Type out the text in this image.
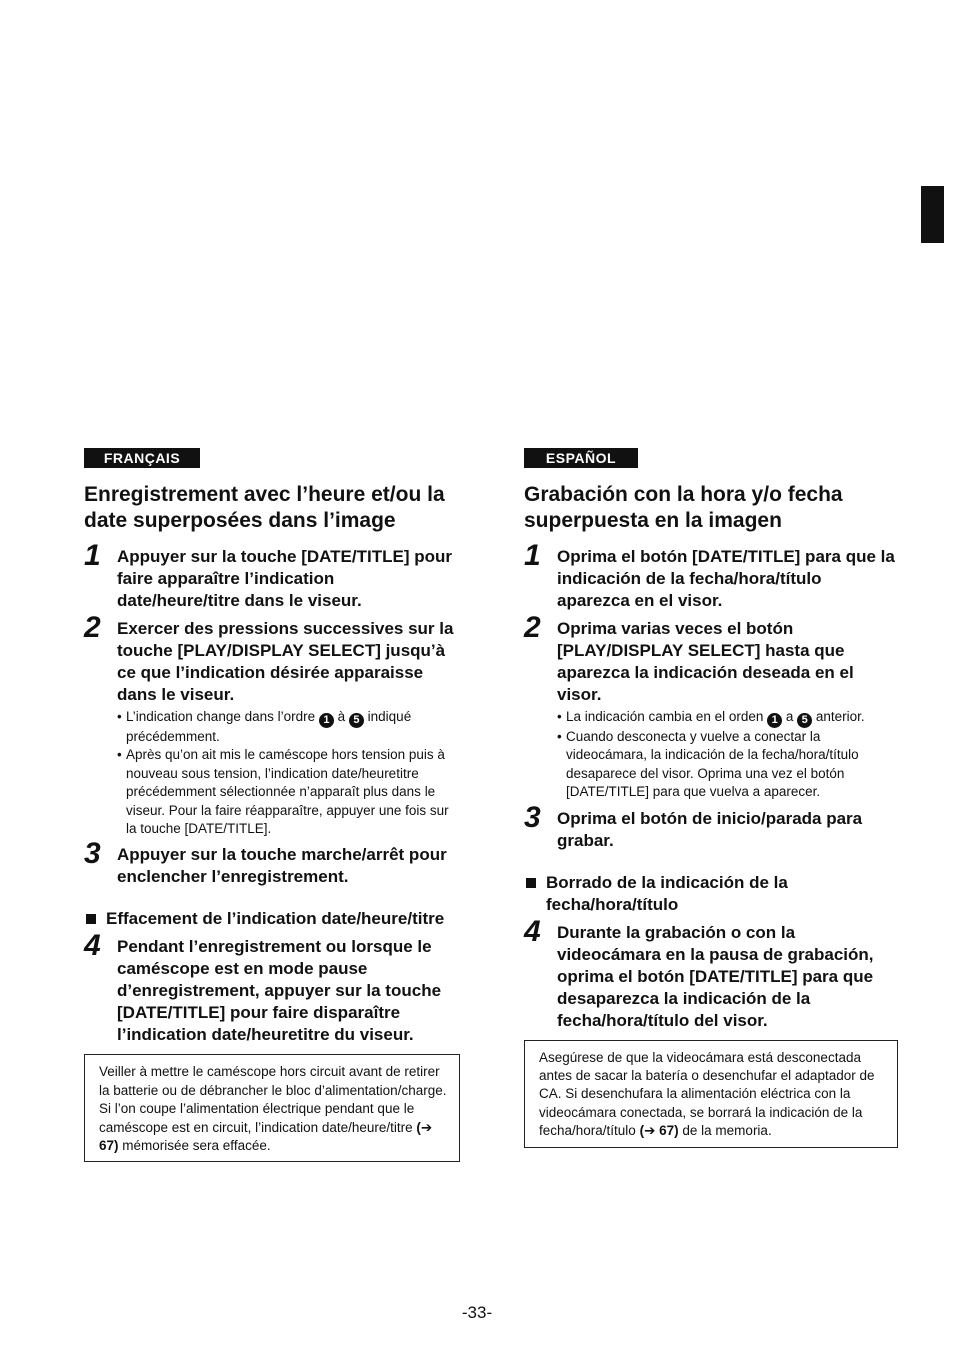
FRANÇAIS
Enregistrement avec l’heure et/ou la date superposées dans l’image
1 Appuyer sur la touche [DATE/TITLE] pour faire apparaître l’indication date/heure/titre dans le viseur.
2 Exercer des pressions successives sur la touche [PLAY/DISPLAY SELECT] jusqu’à ce que l’indication désirée apparaisse dans le viseur.
• L’indication change dans l’ordre 1 à 5 indiqué précédemment.
• Après qu’on ait mis le caméscope hors tension puis à nouveau sous tension, l’indication date/heuretitre précédemment sélectionnée n’apparaît plus dans le viseur. Pour la faire réapparaître, appuyer une fois sur la touche [DATE/TITLE].
3 Appuyer sur la touche marche/arrêt pour enclencher l’enregistrement.
Effacement de l’indication date/heure/titre
4 Pendant l’enregistrement ou lorsque le caméscope est en mode pause d’enregistrement, appuyer sur la touche [DATE/TITLE] pour faire disparaître l’indication date/heuretitre du viseur.
Veiller à mettre le caméscope hors circuit avant de retirer la batterie ou de débrancher le bloc d’alimentation/charge. Si l’on coupe l’alimentation électrique pendant que le caméscope est en circuit, l’indication date/heure/titre (➔ 67) mémorisée sera effacée.
ESPAÑOL
Grabación con la hora y/o fecha superpuesta en la imagen
1 Oprima el botón [DATE/TITLE] para que la indicación de la fecha/hora/título aparezca en el visor.
2 Oprima varias veces el botón [PLAY/DISPLAY SELECT] hasta que aparezca la indicación deseada en el visor.
• La indicación cambia en el orden 1 a 5 anterior.
• Cuando desconecta y vuelve a conectar la videocámara, la indicación de la fecha/hora/título desaparece del visor. Oprima una vez el botón [DATE/TITLE] para que vuelva a aparecer.
3 Oprima el botón de inicio/parada para grabar.
Borrado de la indicación de la fecha/hora/título
4 Durante la grabación o con la videocámara en la pausa de grabación, oprima el botón [DATE/TITLE] para que desaparezca la indicación de la fecha/hora/título del visor.
Asegúrese de que la videocámara está desconectada antes de sacar la batería o desenchufar el adaptador de CA. Si desenchufara la alimentación eléctrica con la videocámara conectada, se borrará la indicación de la fecha/hora/título (➔ 67) de la memoria.
-33-
